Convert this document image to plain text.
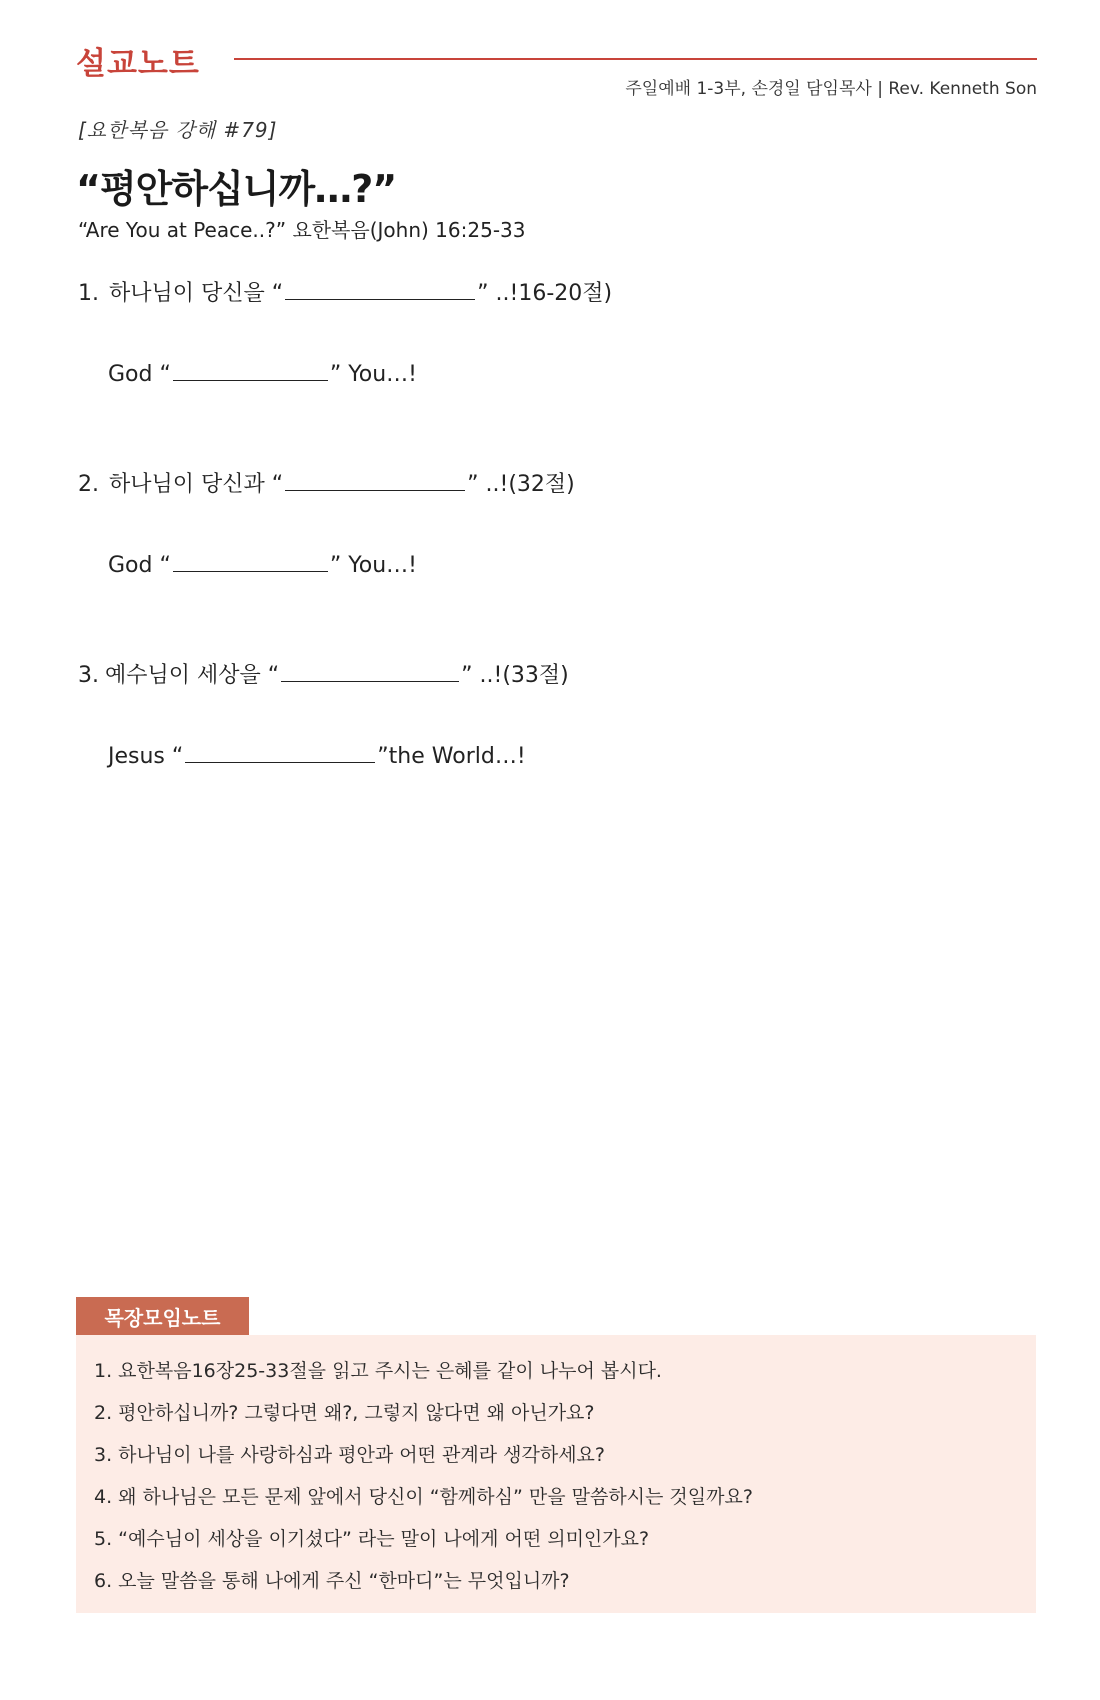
설교노트
주일예배 1-3부, 손경일 담임목사 | Rev. Kenneth Son
[요한복음 강해 #79]
“평안하십니까…?”
“Are You at Peace..?” 요한복음(John) 16:25-33
1. 하나님이 당신을 “	” ..!16-20절)
God “	” You…!
2. 하나님이 당신과 “	” ..!(32절)
God “	” You…!
3. 예수님이 세상을 “	” ..!(33절)
Jesus “	”the World…!
목장모임노트
1. 요한복음16장25-33절을 읽고 주시는 은혜를 같이 나누어 봅시다.
2. 평안하십니까? 그렇다면 왜?, 그렇지 않다면 왜 아닌가요?
3. 하나님이 나를 사랑하심과 평안과 어떤 관계라 생각하세요?
4. 왜 하나님은 모든 문제 앞에서 당신이 “함께하심” 만을 말씀하시는 것일까요?
5. “예수님이 세상을 이기셨다” 라는 말이 나에게 어떤 의미인가요?
6. 오늘 말씀을 통해 나에게 주신 “한마디”는 무엇입니까?
